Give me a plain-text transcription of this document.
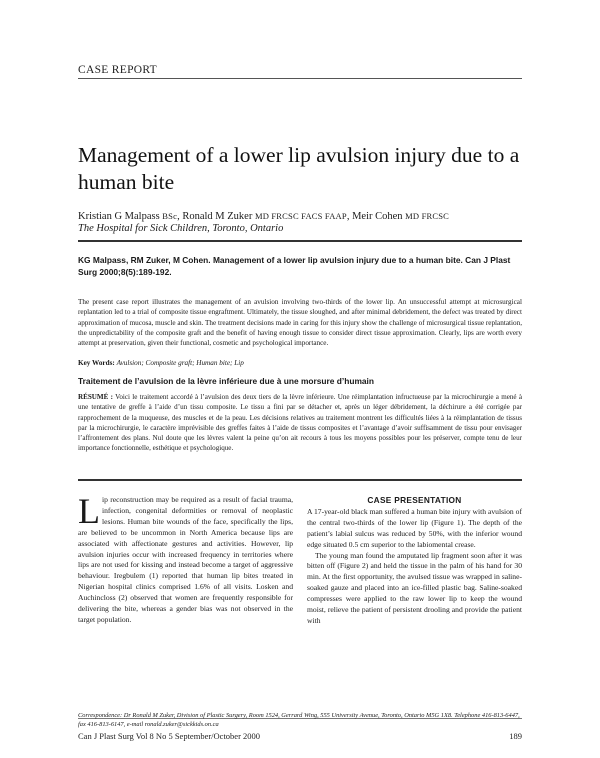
CASE REPORT
Management of a lower lip avulsion injury due to a human bite
Kristian G Malpass BSc, Ronald M Zuker MD FRCSC FACS FAAP, Meir Cohen MD FRCSC
The Hospital for Sick Children, Toronto, Ontario
KG Malpass, RM Zuker, M Cohen. Management of a lower lip avulsion injury due to a human bite. Can J Plast Surg 2000;8(5):189-192.

The present case report illustrates the management of an avulsion involving two-thirds of the lower lip. An unsuccessful attempt at microsurgical replantation led to a trial of composite tissue engraftment. Ultimately, the tissue sloughed, and after minimal debridement, the defect was treated by direct approximation of mucosa, muscle and skin. The treatment decisions made in caring for this injury show the challenge of microsurgical tissue replantation, the unpredictability of the composite graft and the benefit of having enough tissue to consider direct tissue approximation. Clearly, lips are worth every attempt at preservation, given their functional, cosmetic and psychological importance.

Key Words: Avulsion; Composite graft; Human bite; Lip
Traitement de l’avulsion de la lèvre inférieure due à une morsure d’humain

RÉSUMÉ : Voici le traitement accordé à l’avulsion des deux tiers de la lèvre inférieure. Une réimplantation infructueuse par la microchirurgie a mené à une tentative de greffe à l’aide d’un tissu composite. Le tissu a fini par se détacher et, après un léger débridement, la déchirure a été corrigée par rapprochement de la muqueuse, des muscles et de la peau. Les décisions relatives au traitement montrent les difficultés liées à la réimplantation de tissus par la microchirurgie, le caractère imprévisible des greffes faites à l’aide de tissus composites et l’avantage d’avoir suffisamment de tissu pour envisager l’affrontement des plans. Nul doute que les lèvres valent la peine qu’on ait recours à tous les moyens possibles pour les préserver, compte tenu de leur importance fonctionnelle, esthétique et psychologique.

L ip reconstruction may be required as a result of facial trauma, infection, congenital deformities or removal of neoplastic lesions. Human bite wounds of the face, specifically the lips, are believed to be uncommon in North America because lips are associated with affectionate gestures and activities. However, lip avulsion injuries occur with increased frequency in territories where lips are not used for kissing and instead become a target of aggressive behaviour. Iregbulem (1) reported that human lip bites treated in Nigerian hospital clinics comprised 1.6% of all visits. Losken and Auchincloss (2) observed that women are frequently responsible for delivering the bite, whereas a gender bias was not observed in the target population.
CASE PRESENTATION

A 17-year-old black man suffered a human bite injury with avulsion of the central two-thirds of the lower lip (Figure 1). The depth of the patient’s labial sulcus was reduced by 50%, with the inferior wound edge situated 0.5 cm superior to the labiomental crease.

The young man found the amputated lip fragment soon after it was bitten off (Figure 2) and held the tissue in the palm of his hand for 30 min. At the first opportunity, the avulsed tissue was wrapped in saline-soaked gauze and placed into an ice-filled plastic bag. Saline-soaked compresses were applied to the raw lower lip to keep the wound moist, relieve the patient of persistent drooling and provide the patient with

Correspondence: Dr Ronald M Zuker, Division of Plastic Surgery, Room 1524, Gerrard Wing, 555 University Avenue, Toronto, Ontario M5G 1X8. Telephone 416-813-6447, fax 416-813-6147, e-mail ronald.zuker@sickkids.on.ca
Can J Plast Surg Vol 8 No 5 September/October 2000	189
